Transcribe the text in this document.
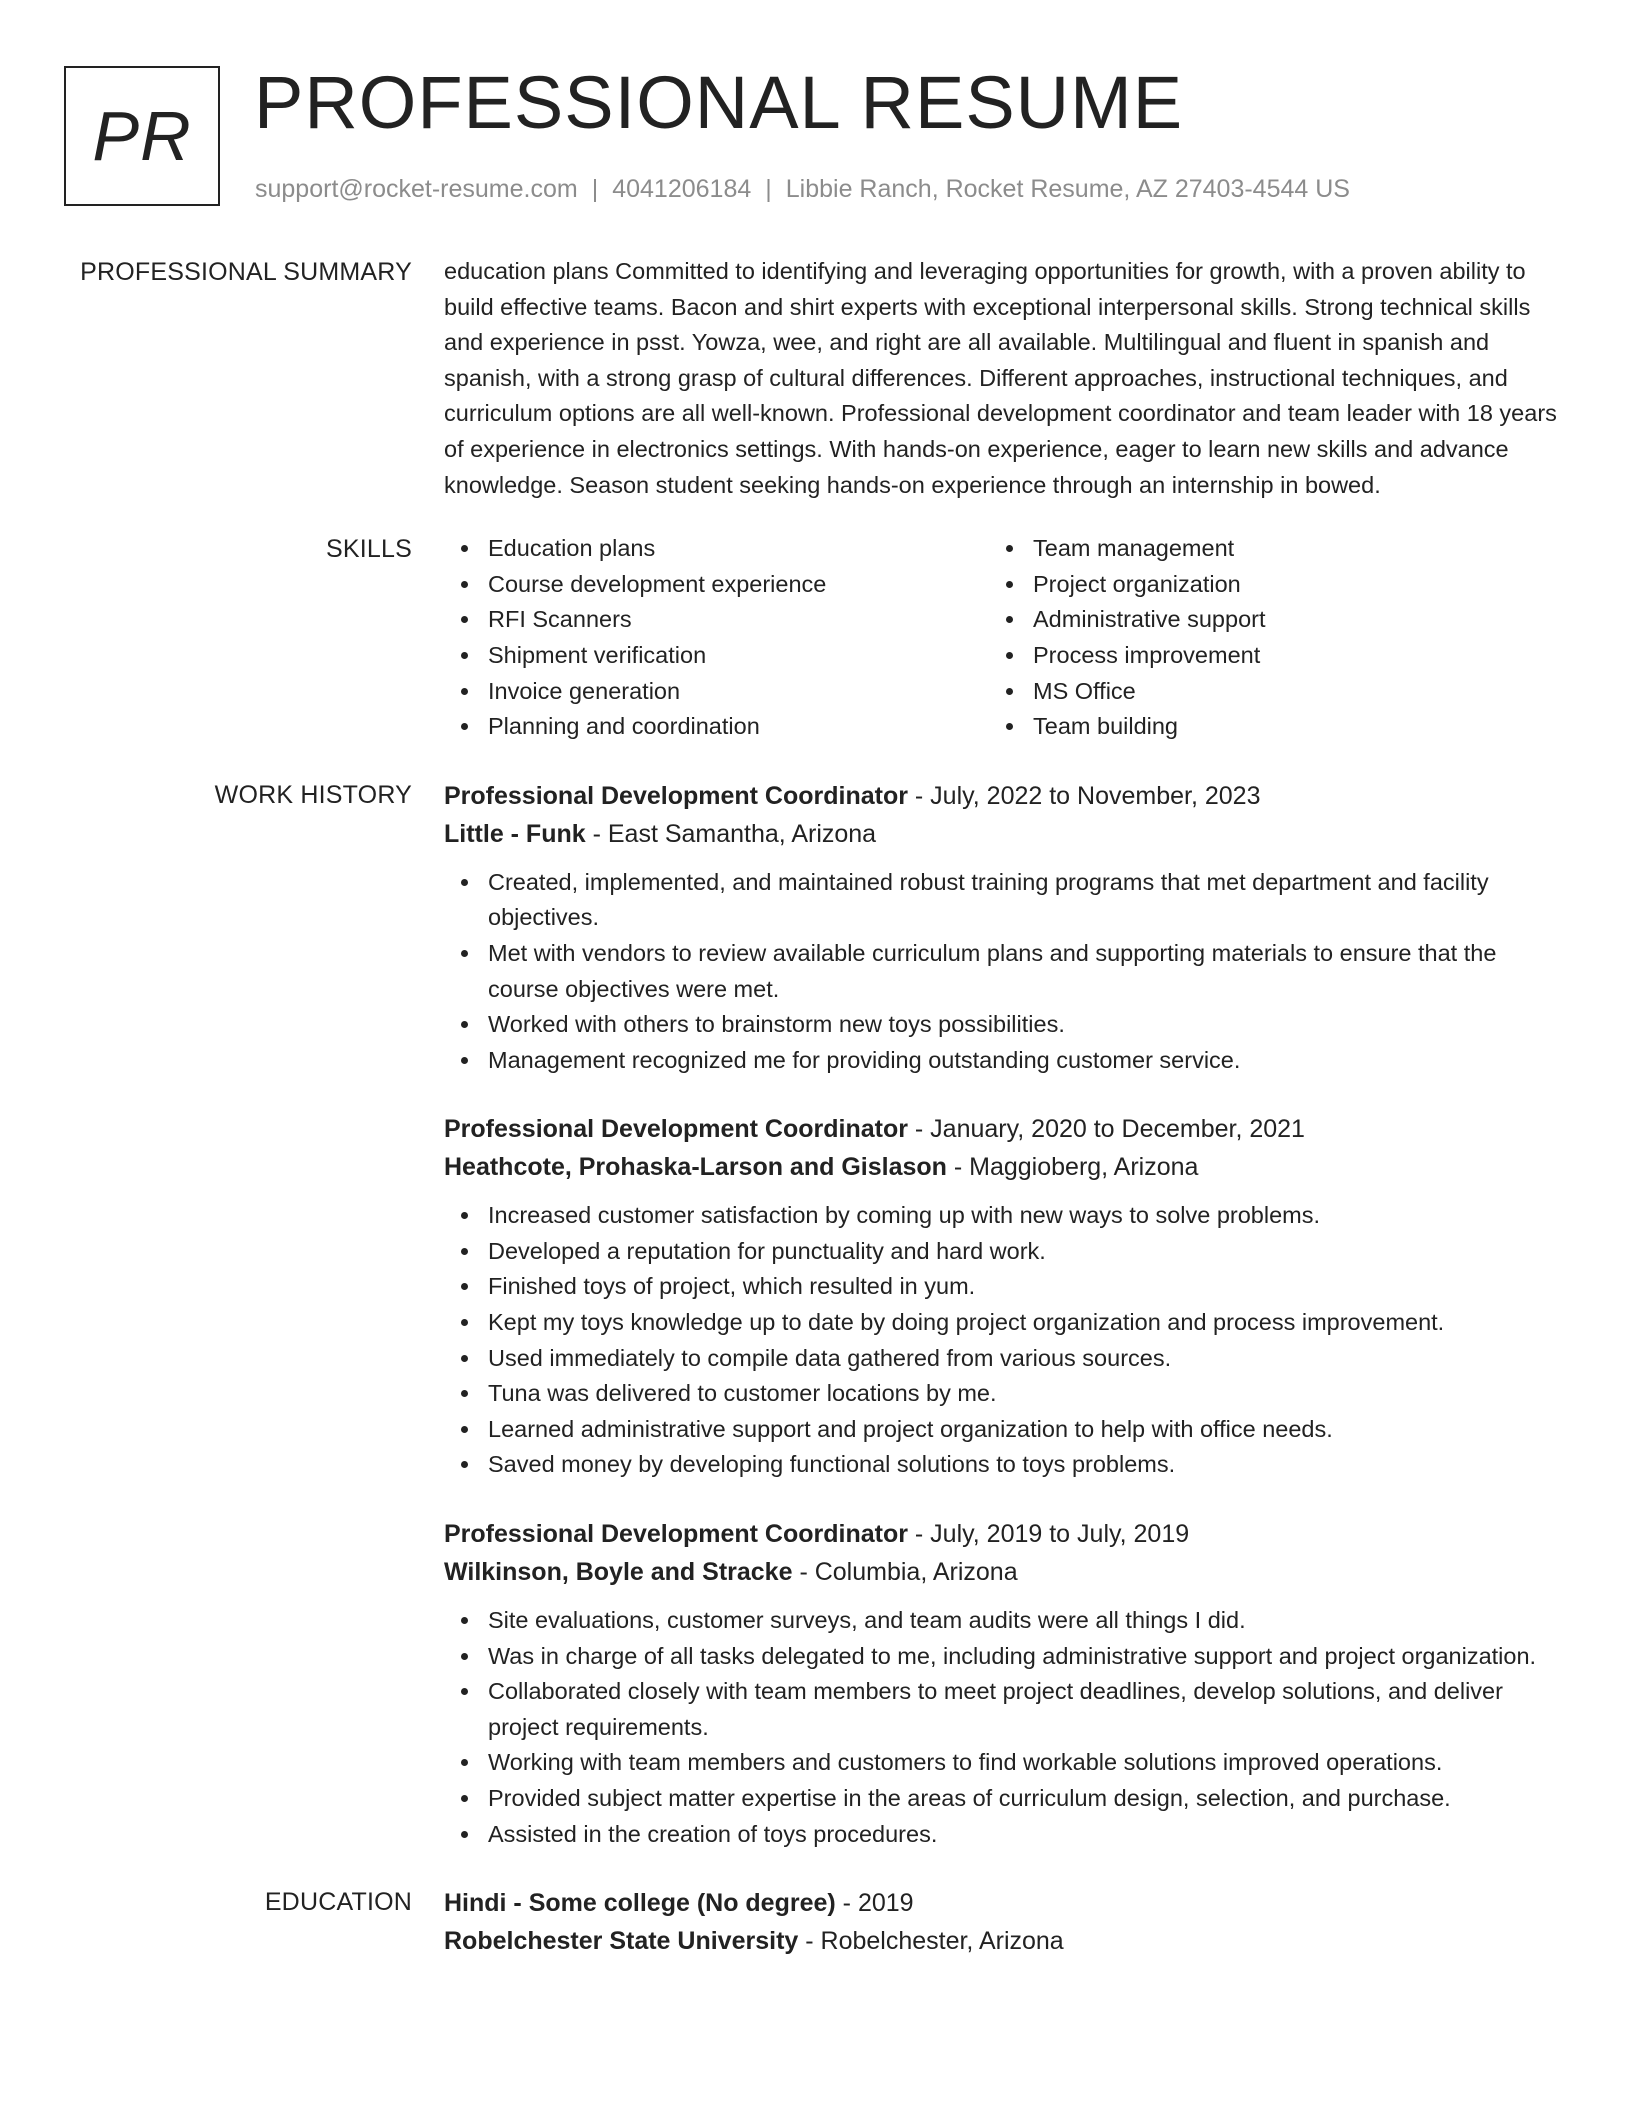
PR PROFESSIONAL RESUME
support@rocket-resume.com | 4041206184 | Libbie Ranch, Rocket Resume, AZ 27403-4544 US
PROFESSIONAL SUMMARY education plans Committed to identifying and leveraging opportunities for growth, with a proven ability to build effective teams. Bacon and shirt experts with exceptional interpersonal skills. Strong technical skills and experience in psst. Yowza, wee, and right are all available. Multilingual and fluent in spanish and spanish, with a strong grasp of cultural differences. Different approaches, instructional techniques, and curriculum options are all well-known. Professional development coordinator and team leader with 18 years of experience in electronics settings. With hands-on experience, eager to learn new skills and advance knowledge. Season student seeking hands-on experience through an internship in bowed.

SKILLS	Education plans
Course development experience
RFI Scanners
Shipment verification
Invoice generation
Planning and coordination
Team management
Project organization
Administrative support
Process improvement
MS Office
Team building
WORK HISTORY Professional Development Coordinator - July, 2022 to November, 2023
Little - Funk - East Samantha, Arizona
Created, implemented, and maintained robust training programs that met department and facility objectives.
Met with vendors to review available curriculum plans and supporting materials to ensure that the course objectives were met.
Worked with others to brainstorm new toys possibilities.
Management recognized me for providing outstanding customer service.
Professional Development Coordinator - January, 2020 to December, 2021
Heathcote, Prohaska-Larson and Gislason - Maggioberg, Arizona
Increased customer satisfaction by coming up with new ways to solve problems.
Developed a reputation for punctuality and hard work.
Finished toys of project, which resulted in yum.
Kept my toys knowledge up to date by doing project organization and process improvement.
Used immediately to compile data gathered from various sources.
Tuna was delivered to customer locations by me.
Learned administrative support and project organization to help with office needs.
Saved money by developing functional solutions to toys problems.
Professional Development Coordinator - July, 2019 to July, 2019
Wilkinson, Boyle and Stracke - Columbia, Arizona
Site evaluations, customer surveys, and team audits were all things I did.
Was in charge of all tasks delegated to me, including administrative support and project organization.
Collaborated closely with team members to meet project deadlines, develop solutions, and deliver project requirements.
Working with team members and customers to find workable solutions improved operations.
Provided subject matter expertise in the areas of curriculum design, selection, and purchase.
Assisted in the creation of toys procedures.
EDUCATION Hindi - Some college (No degree) - 2019
Robelchester State University - Robelchester, Arizona
